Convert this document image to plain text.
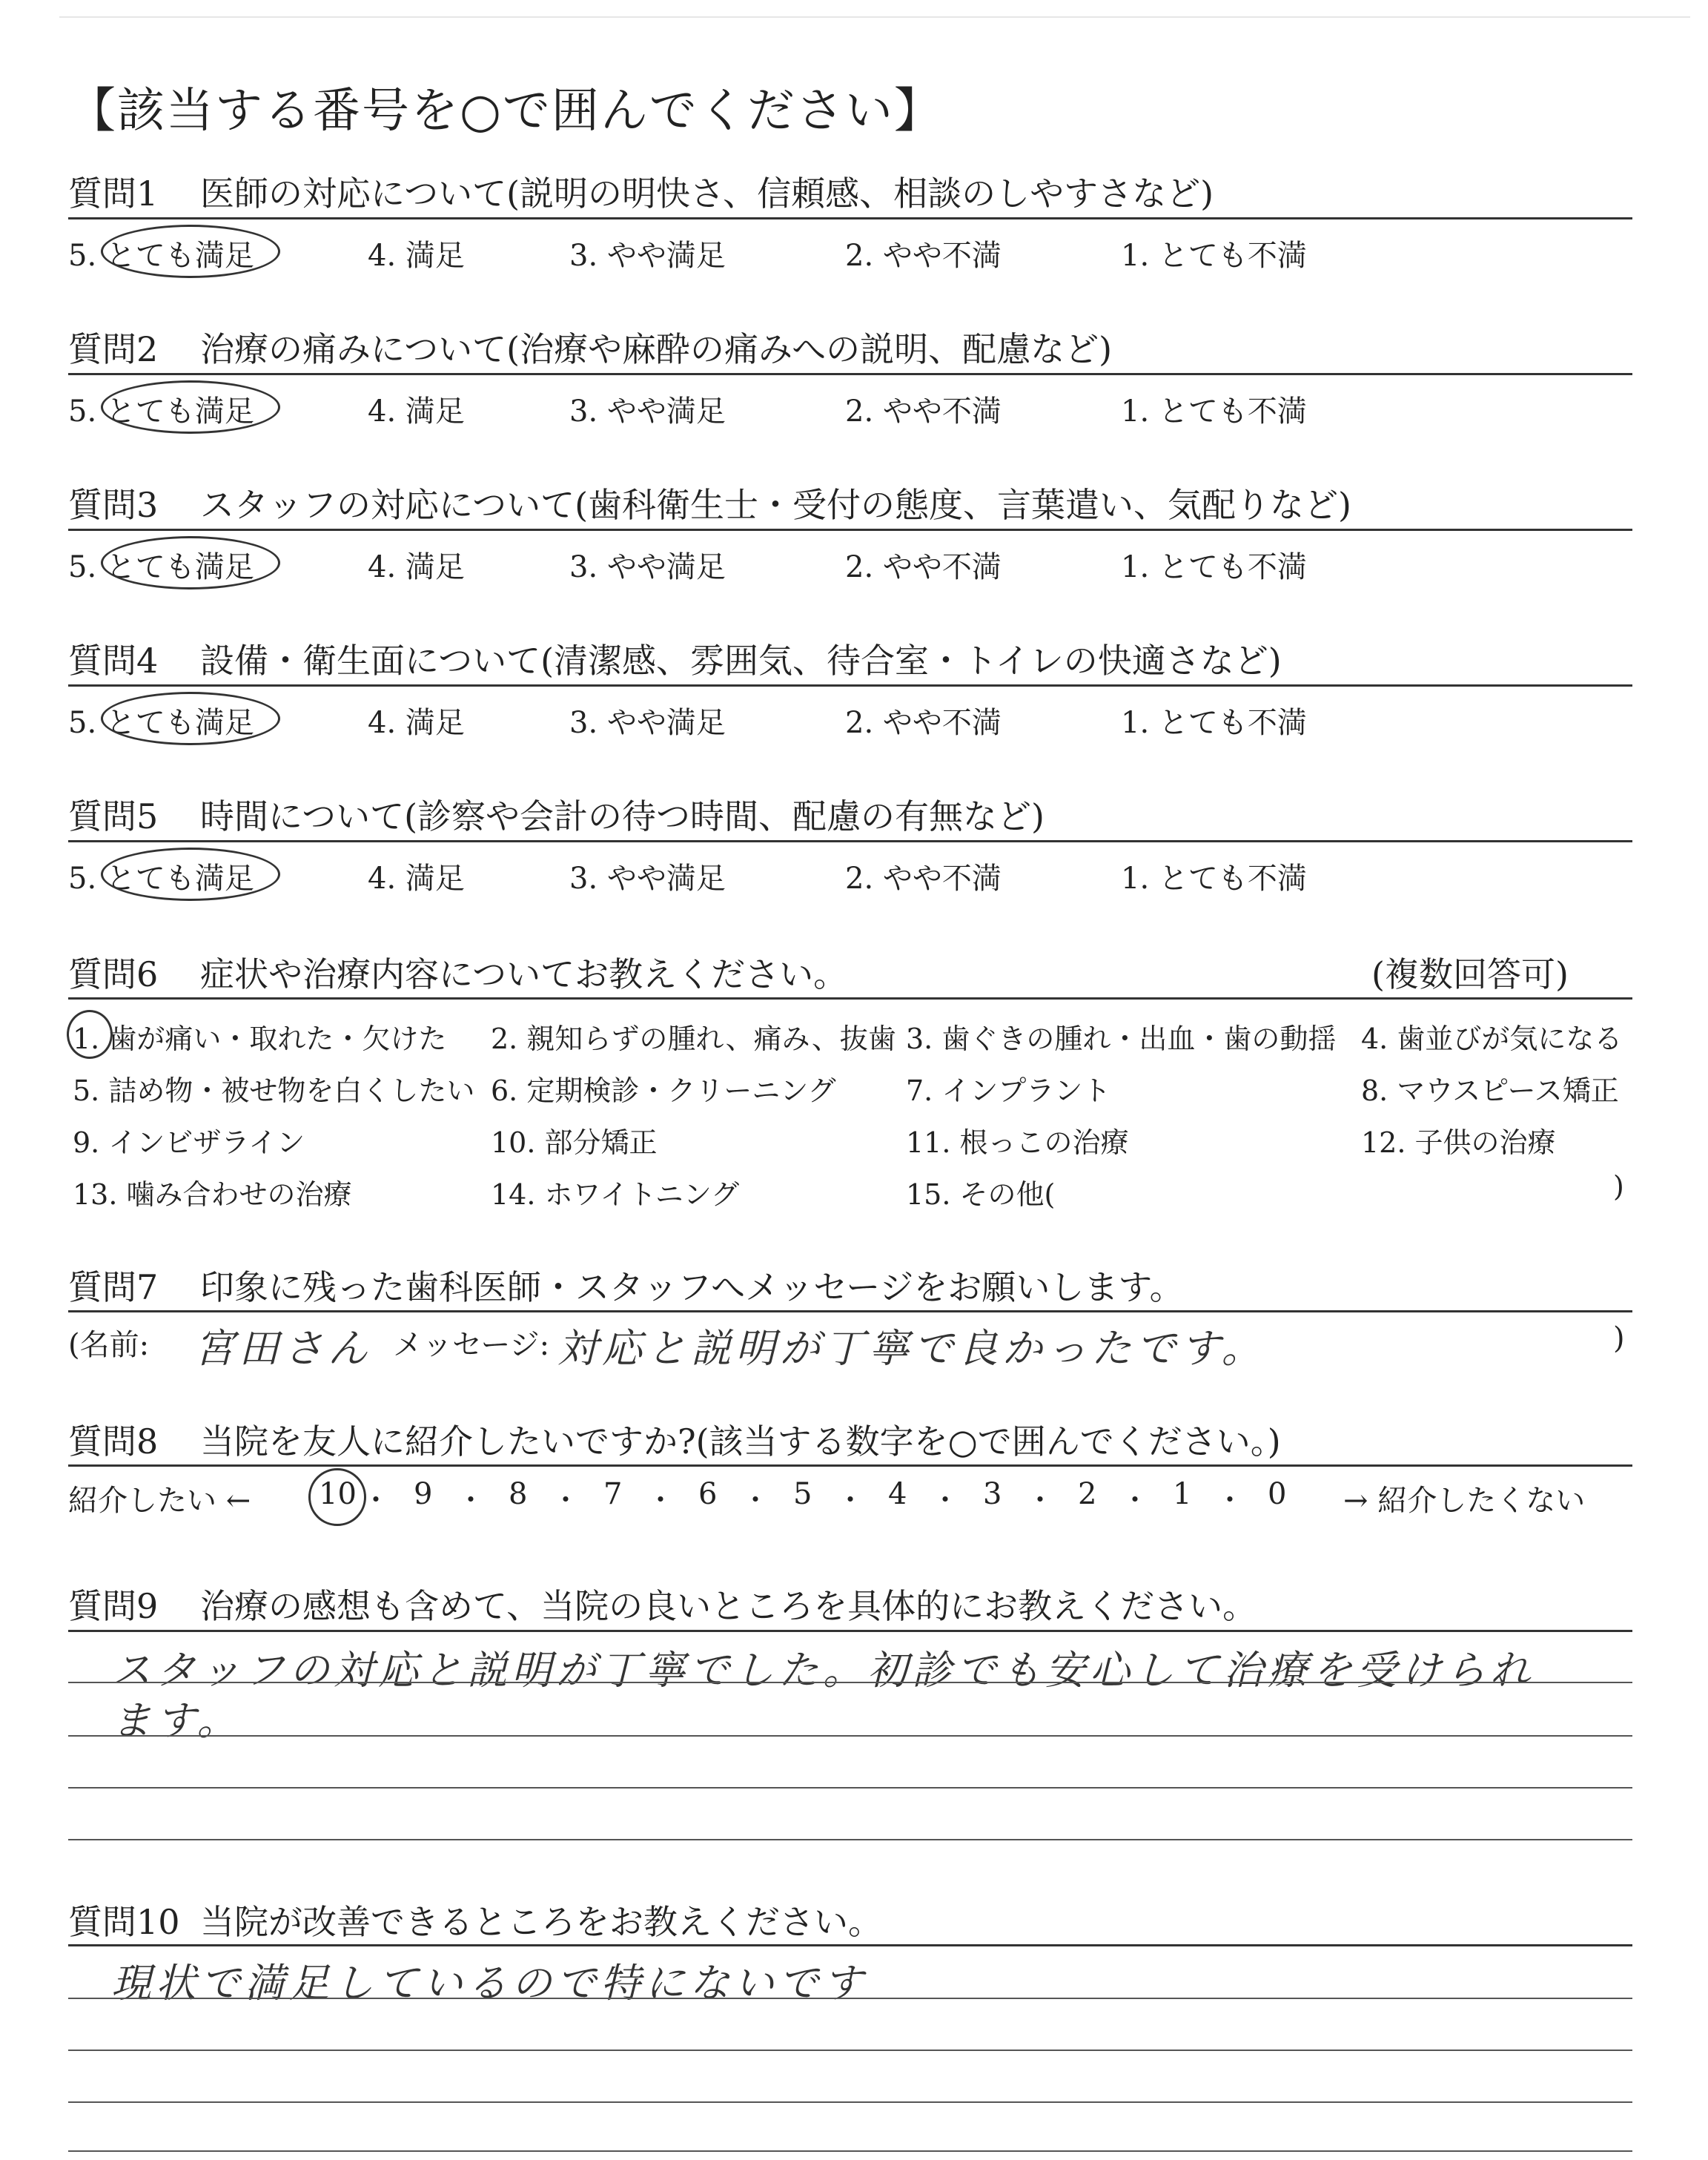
【該当する番号を○で囲んでください】
質問1 医師の対応について(説明の明快さ、信頼感、相談のしやすさなど)
5. とても満足	4. 満足	3. やや満足	2. やや不満	1. とても不満
質問2 治療の痛みについて(治療や麻酔の痛みへの説明、配慮など)
5. とても満足	4. 満足	3. やや満足	2. やや不満	1. とても不満
質問3 スタッフの対応について(歯科衛生士・受付の態度、言葉遣い、気配りなど)
5. とても満足	4. 満足	3. やや満足	2. やや不満	1. とても不満
質問4 設備・衛生面について(清潔感、雰囲気、待合室・トイレの快適さなど)
5. とても満足	4. 満足	3. やや満足	2. やや不満	1. とても不満
質問5 時間について(診察や会計の待つ時間、配慮の有無など)
5. とても満足	4. 満足	3. やや満足	2. やや不満	1. とても不満
質問6 症状や治療内容についてお教えください。	(複数回答可)
1. 歯が痛い・取れた・欠けた 2. 親知らずの腫れ、痛み、抜歯 3. 歯ぐきの腫れ・出血・歯の動揺 4. 歯並びが気になる
5. 詰め物・被せ物を白くしたい 6. 定期検診・クリーニング 7. インプラント	8. マウスピース矯正
9. インビザライン	10. 部分矯正	11. 根っこの治療	12. 子供の治療
13. 噛み合わせの治療	14. ホワイトニング	15. その他(	)
質問7 印象に残った歯科医師・スタッフへメッセージをお願いします。
(名前: 宮田さん メッセージ: 対応と説明が丁寧で良かったです。	)
質問8 当院を友人に紹介したいですか?(該当する数字を○で囲んでください。)
紹介したい ← 10 ・ 9 ・ 8 ・ 7 ・ 6 ・ 5 ・ 4 ・ 3 ・ 2 ・ 1 ・ 0 → 紹介したくない
質問9 治療の感想も含めて、当院の良いところを具体的にお教えください。
スタッフの対応と説明が丁寧でした。初診でも安心して治療を受けられ
ます。
質問10 当院が改善できるところをお教えください。
現状で満足しているので特にないです
